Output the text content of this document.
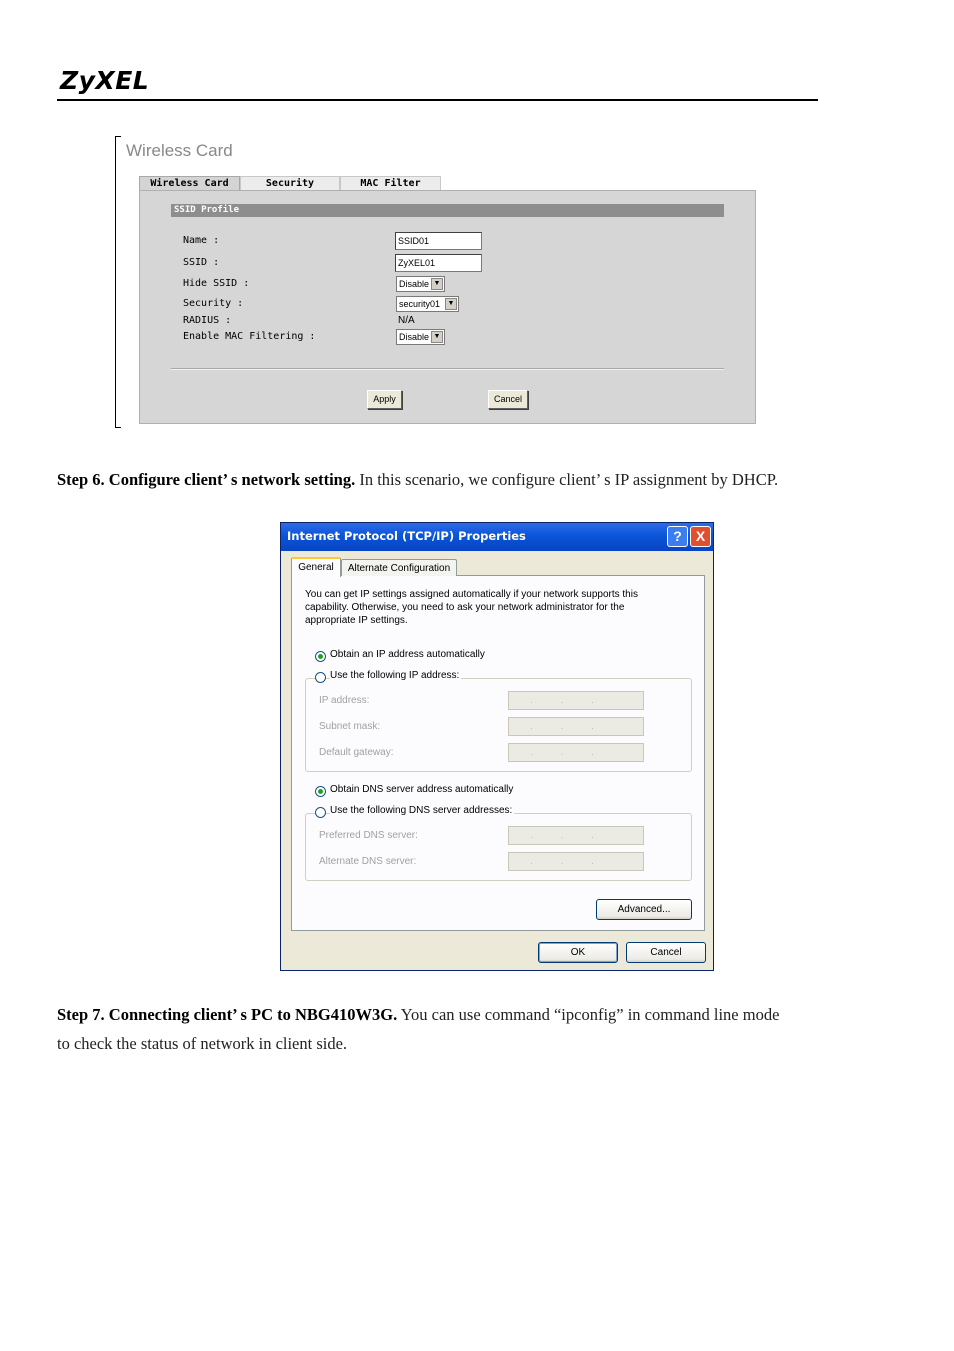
ZyXEL
Wireless Card
Wireless Card	Security	MAC Filter
SSID Profile
Name :	SSID01
SSID :	ZyXEL01
Hide SSID :	Disable ▼
Security :	security01	▼
RADIUS :	N/A
Enable MAC Filtering :	Disable ▼
Apply	Cancel
Step 6. Configure client’ s network setting. In this scenario, we configure client’ s IP assignment by DHCP.
Internet Protocol (TCP/IP) Properties	?	X
General	Alternate Configuration
You can get IP settings assigned automatically if your network supports this
capability. Otherwise, you need to ask your network administrator for the
appropriate IP settings.
Obtain an IP address automatically
Use the following IP address:
IP address:	...
Subnet mask:	...
Default gateway:	...
Obtain DNS server address automatically
Use the following DNS server addresses:
Preferred DNS server:	...
Alternate DNS server:	...
Advanced...
OK	Cancel
Step 7. Connecting client’ s PC to NBG410W3G. You can use command “ipconfig” in command line mode
to check the status of network in client side.
